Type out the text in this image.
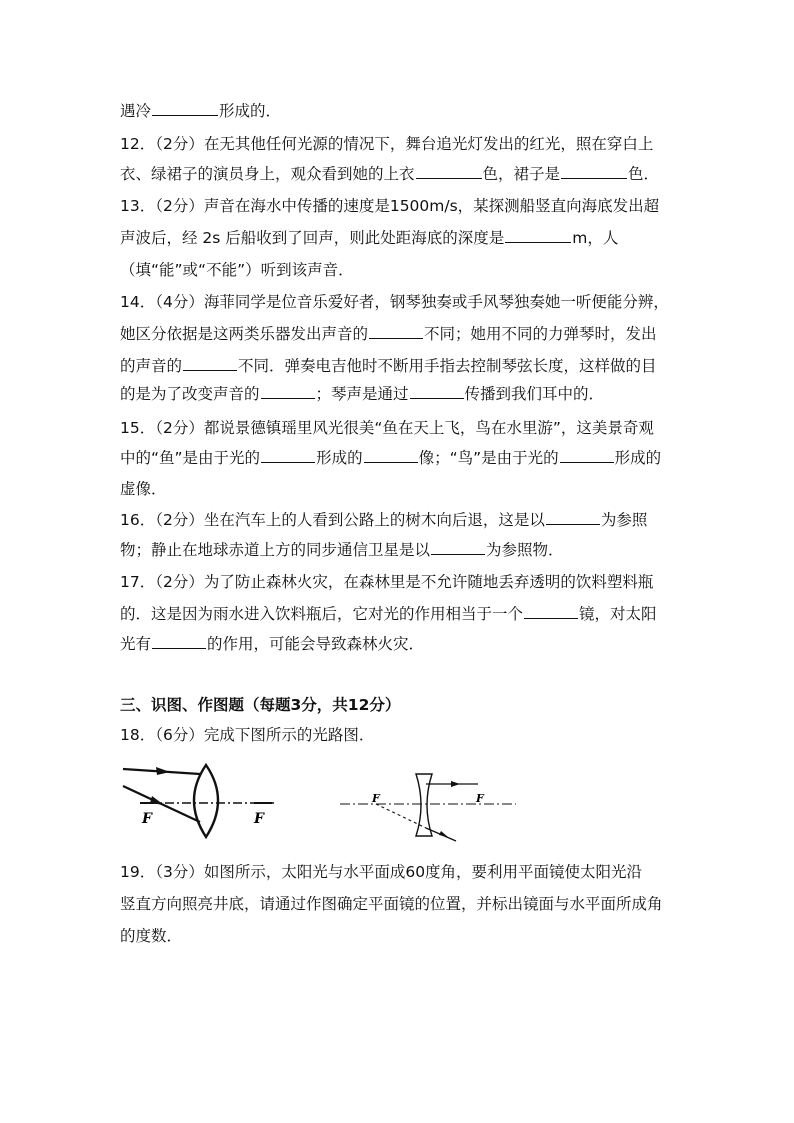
遇冷	形成的．
12．（2分）在无其他任何光源的情况下，舞台追光灯发出的红光，照在穿白上
衣、绿裙子的演员身上，观众看到她的上衣	色，裙子是	色．
13．（2分）声音在海水中传播的速度是1500m/s，某探测船竖直向海底发出超
声波后，经 2s 后船收到了回声，则此处距海底的深度是	m，人
（填“能”或“不能”）听到该声音．
14．（4分）海菲同学是位音乐爱好者，钢琴独奏或手风琴独奏她一听便能分辨，
她区分依据是这两类乐器发出声音的	不同；她用不同的力弹琴时，发出
的声音的	不同．弹奏电吉他时不断用手指去控制琴弦长度，这样做的目
的是为了改变声音的	；琴声是通过	传播到我们耳中的．
15．（2分）都说景德镇瑶里风光很美“鱼在天上飞，鸟在水里游”，这美景奇观
中的“鱼”是由于光的	形成的	像；“鸟”是由于光的	形成的
虚像．
16．（2分）坐在汽车上的人看到公路上的树木向后退，这是以	为参照
物；静止在地球赤道上方的同步通信卫星是以	为参照物．
17．（2分）为了防止森林火灾，在森林里是不允许随地丢弃透明的饮料塑料瓶
的．这是因为雨水进入饮料瓶后，它对光的作用相当于一个	镜，对太阳
光有	的作用，可能会导致森林火灾．
三、识图、作图题（每题3分，共12分）
18．（6分）完成下图所示的光路图．
F	F
F	F
19．（3分）如图所示，太阳光与水平面成60度角，要利用平面镜使太阳光沿
竖直方向照亮井底，请通过作图确定平面镜的位置，并标出镜面与水平面所成角
的度数．
